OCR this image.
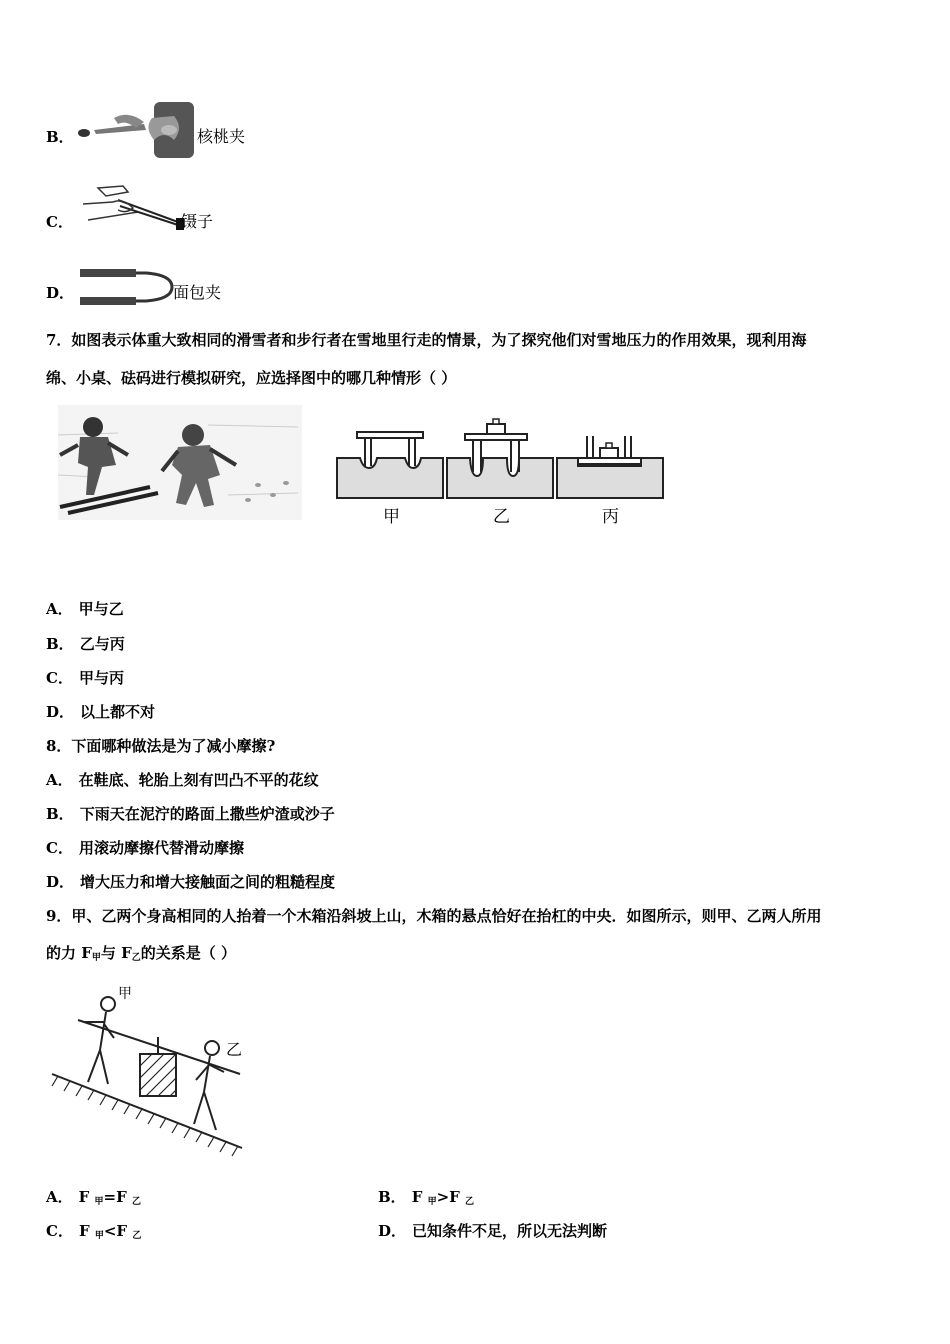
B．	核桃夹
C．	镊子
D．	面包夹
7．如图表示体重大致相同的滑雪者和步行者在雪地里行走的情景，为了探究他们对雪地压力的作用效果，现利用海
绵、小桌、砝码进行模拟研究，应选择图中的哪几种情形（ ）
甲	乙	丙
A． 甲与乙
B． 乙与丙
C． 甲与丙
D． 以上都不对
8．下面哪种做法是为了减小摩擦?
A． 在鞋底、轮胎上刻有凹凸不平的花纹
B． 下雨天在泥泞的路面上撒些炉渣或沙子
C． 用滚动摩擦代替滑动摩擦
D． 增大压力和增大接触面之间的粗糙程度
9．甲、乙两个身高相同的人抬着一个木箱沿斜坡上山，木箱的悬点恰好在抬杠的中央．如图所示，则甲、乙两人所用
的力 $F_甲$与 $F_乙$的关系是（ ）
甲
乙
A． F $_甲$=F $_乙$	B． F $_甲$>F $_乙$
C． F $_甲$<F $_乙$	D． 已知条件不足，所以无法判断
